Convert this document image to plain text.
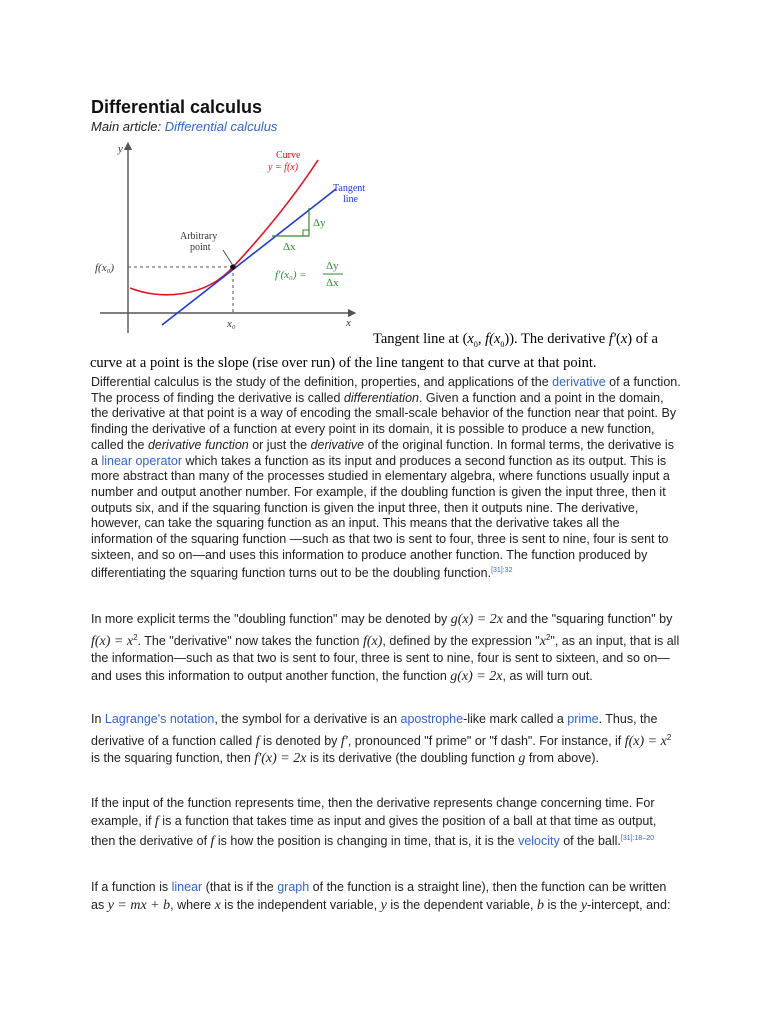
Differential calculus
Main article: Differential calculus
y
x
Curve
y = f(x)
Tangent
line
Arbitrary
point
f(x₀)
x₀
Δy
Δx
f′(x₀) =
Δy
Δx
Tangent line at ($x_0$, $f(x_0)$). The derivative f′(x) of a curve at a point is the slope (rise over run) of the line tangent to that curve at that point.

Differential calculus is the study of the definition, properties, and applications of the derivative of a function. The process of finding the derivative is called differentiation. Given a function and a point in the domain, the derivative at that point is a way of encoding the small-scale behavior of the function near that point. By finding the derivative of a function at every point in its domain, it is possible to produce a new function, called the derivative function or just the derivative of the original function. In formal terms, the derivative is a linear operator which takes a function as its input and produces a second function as its output. This is more abstract than many of the processes studied in elementary algebra, where functions usually input a number and output another number. For example, if the doubling function is given the input three, then it outputs six, and if the squaring function is given the input three, then it outputs nine. The derivative, however, can take the squaring function as an input. This means that the derivative takes all the information of the squaring function —such as that two is sent to four, three is sent to nine, four is sent to sixteen, and so on—and uses this information to produce another function. The function produced by differentiating the squaring function turns out to be the doubling function.$^{[31]:32}$

In more explicit terms the "doubling function" may be denoted by g(x) = 2x and the "squaring function" by $f(x) = x^2$. The "derivative" now takes the function f(x), defined by the expression "$x^2$", as an input, that is all the information—such as that two is sent to four, three is sent to nine, four is sent to sixteen, and so on—and uses this information to output another function, the function g(x) = 2x, as will turn out.

In Lagrange's notation, the symbol for a derivative is an apostrophe-like mark called a prime. Thus, the derivative of a function called f is denoted by f′, pronounced "f prime" or "f dash". For instance, if $f(x) = x^2$ is the squaring function, then f′(x) = 2x is its derivative (the doubling function g from above).

If the input of the function represents time, then the derivative represents change concerning time. For example, if f is a function that takes time as input and gives the position of a ball at that time as output, then the derivative of f is how the position is changing in time, that is, it is the velocity of the ball.$^{[31]:18-20}$

If a function is linear (that is if the graph of the function is a straight line), then the function can be written as y = mx + b, where x is the independent variable, y is the dependent variable, b is the y-intercept, and:
